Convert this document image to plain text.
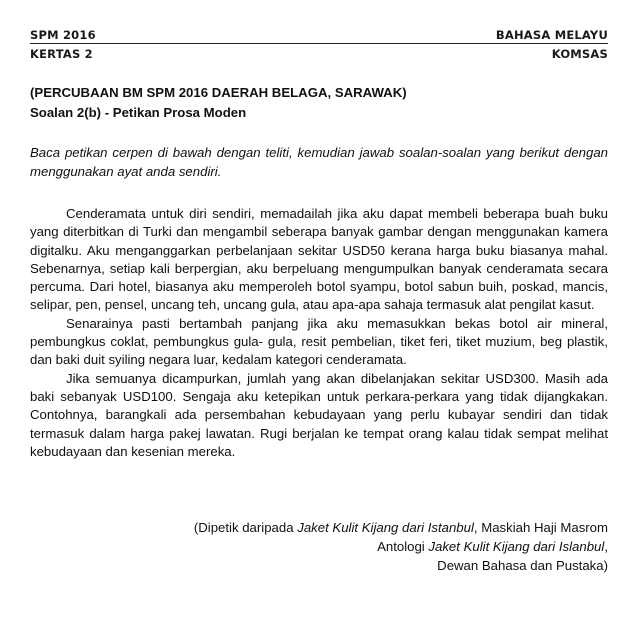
SPM 2016	BAHASA MELAYU
KERTAS 2	KOMSAS
(PERCUBAAN BM SPM 2016 DAERAH BELAGA, SARAWAK)
Soalan 2(b) - Petikan Prosa Moden
Baca petikan cerpen di bawah dengan teliti, kemudian jawab soalan-soalan yang berikut dengan menggunakan ayat anda sendiri.

Cenderamata untuk diri sendiri, memadailah jika aku dapat membeli beberapa buah buku yang diterbitkan di Turki dan mengambil seberapa banyak gambar dengan menggunakan kamera digitalku. Aku menganggarkan perbelanjaan sekitar USD50 kerana harga buku biasanya mahal. Sebenarnya, setiap kali berpergian, aku berpeluang mengumpulkan banyak cenderamata secara percuma. Dari hotel, biasanya aku memperoleh botol syampu, botol sabun buih, poskad, mancis, selipar, pen, pensel, uncang teh, uncang gula, atau apa-apa sahaja termasuk alat pengilat kasut.

Senarainya pasti bertambah panjang jika aku memasukkan bekas botol air mineral, pembungkus coklat, pembungkus gula- gula, resit pembelian, tiket feri, tiket muzium, beg plastik, dan baki duit syiling negara luar, kedalam kategori cenderamata.

Jika semuanya dicampurkan, jumlah yang akan dibelanjakan sekitar USD300. Masih ada baki sebanyak USD100. Sengaja aku ketepikan untuk perkara-perkara yang tidak dijangkakan. Contohnya, barangkali ada persembahan kebudayaan yang perlu kubayar sendiri dan tidak termasuk dalam harga pakej lawatan. Rugi berjalan ke tempat orang kalau tidak sempat melihat kebudayaan dan kesenian mereka.

(Dipetik daripada Jaket Kulit Kijang dari Istanbul, Maskiah Haji Masrom
Antologi Jaket Kulit Kijang dari Islanbul,
Dewan Bahasa dan Pustaka)
